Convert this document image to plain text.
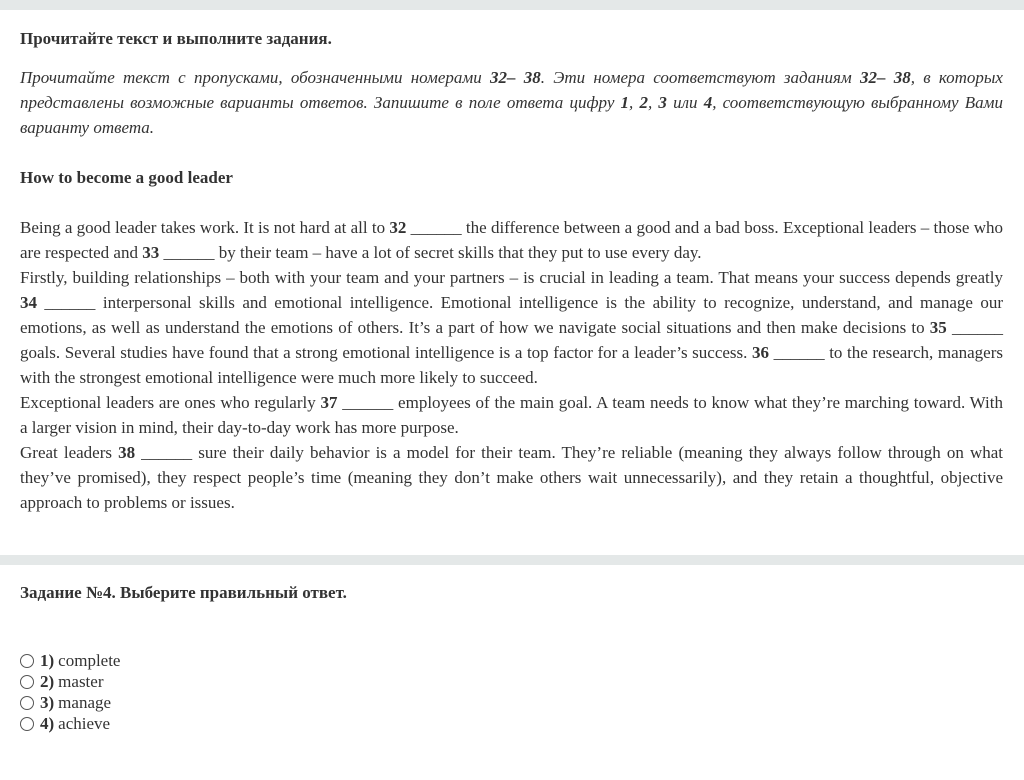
Прочитайте текст и выполните задания.
Прочитайте текст с пропусками, обозначенными номерами 32– 38. Эти номера соответствуют заданиям 32– 38, в которых представлены возможные варианты ответов. Запишите в поле ответа цифру 1, 2, 3 или 4, соответствующую выбранному Вами варианту ответа.
How to become a good leader

Being a good leader takes work. It is not hard at all to 32 ______ the difference between a good and a bad boss. Exceptional leaders – those who are respected and 33 ______ by their team – have a lot of secret skills that they put to use every day.

Firstly, building relationships – both with your team and your partners – is crucial in leading a team. That means your success depends greatly 34 ______ interpersonal skills and emotional intelligence. Emotional intelligence is the ability to recognize, understand, and manage our emotions, as well as understand the emotions of others. It’s a part of how we navigate social situations and then make decisions to 35 ______ goals. Several studies have found that a strong emotional intelligence is a top factor for a leader’s success. 36 ______ to the research, managers with the strongest emotional intelligence were much more likely to succeed.

Exceptional leaders are ones who regularly 37 ______ employees of the main goal. A team needs to know what they’re marching toward. With a larger vision in mind, their day-to-day work has more purpose.

Great leaders 38 ______ sure their daily behavior is a model for their team. They’re reliable (meaning they always follow through on what they’ve promised), they respect people’s time (meaning they don’t make others wait unnecessarily), and they retain a thoughtful, objective approach to problems or issues.

Задание №4. Выберите правильный ответ.
1) complete
2) master
3) manage
4) achieve
